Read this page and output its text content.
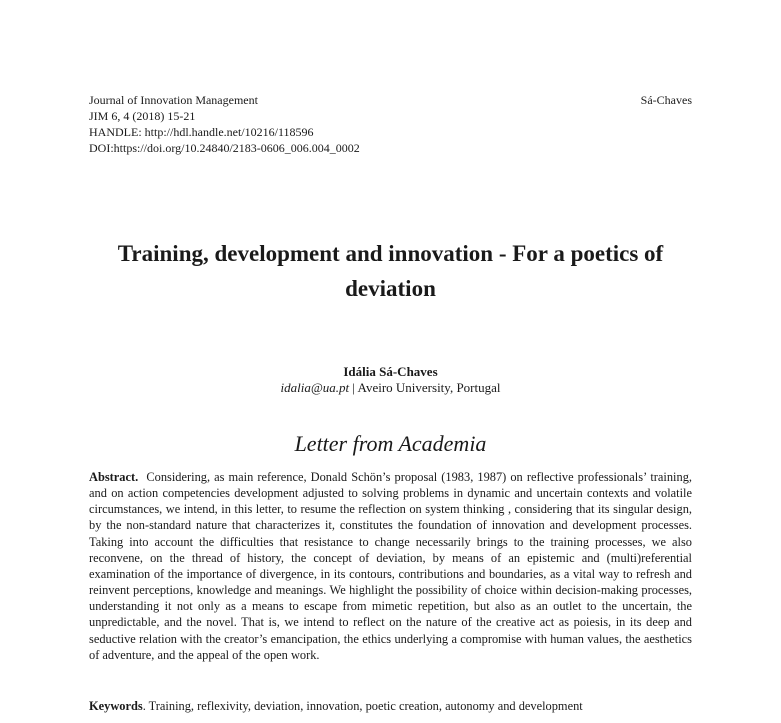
Journal of Innovation Management
JIM 6, 4 (2018) 15-21
HANDLE: http://hdl.handle.net/10216/118596
DOI:https://doi.org/10.24840/2183-0606_006.004_0002
Sá-Chaves
Training, development and innovation - For a poetics of deviation
Idália Sá-Chaves
idalia@ua.pt | Aveiro University, Portugal
Letter from Academia

Abstract. Considering, as main reference, Donald Schön’s proposal (1983, 1987) on reflective professionals’ training, and on action competencies development adjusted to solving problems in dynamic and uncertain contexts and volatile circumstances, we intend, in this letter, to resume the reflection on system thinking , considering that its singular design, by the non-standard nature that characterizes it, constitutes the foundation of innovation and development processes. Taking into account the difficulties that resistance to change necessarily brings to the training processes, we also reconvene, on the thread of history, the concept of deviation, by means of an epistemic and (multi)referential examination of the importance of divergence, in its contours, contributions and boundaries, as a vital way to refresh and reinvent perceptions, knowledge and meanings. We highlight the possibility of choice within decision-making processes, understanding it not only as a means to escape from mimetic repetition, but also as an outlet to the uncertain, the unpredictable, and the novel. That is, we intend to reflect on the nature of the creative act as poiesis, in its deep and seductive relation with the creator’s emancipation, the ethics underlying a compromise with human values, the aesthetics of adventure, and the appeal of the open work.

Keywords. Training, reflexivity, deviation, innovation, poetic creation, autonomy and development
